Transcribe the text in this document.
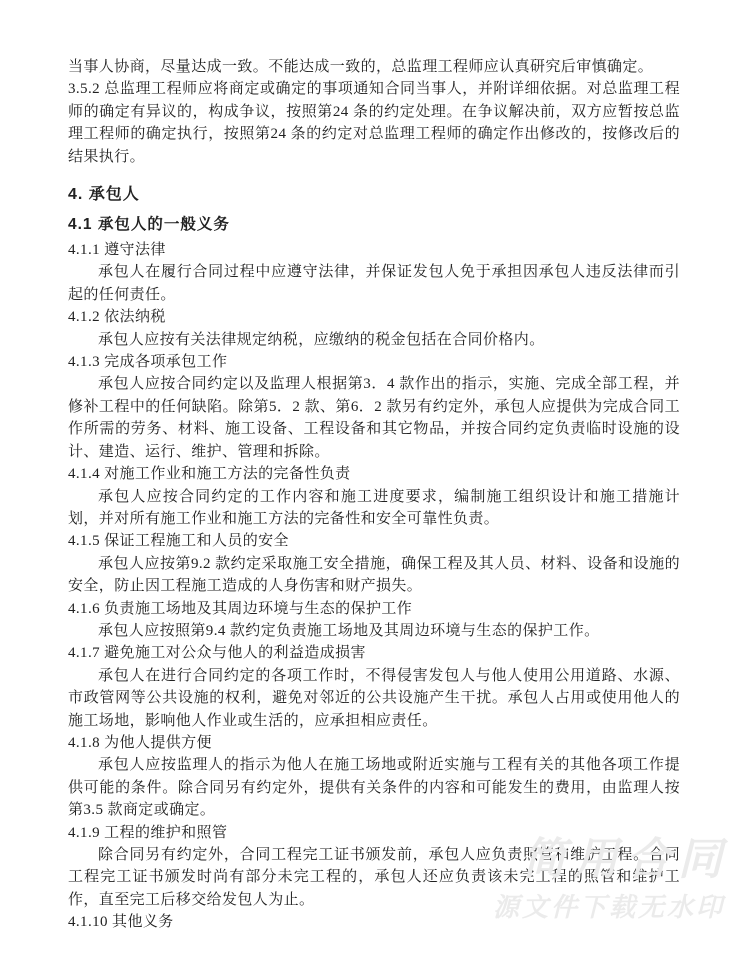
当事人协商，尽量达成一致。不能达成一致的，总监理工程师应认真研究后审慎确定。

3.5.2 总监理工程师应将商定或确定的事项通知合同当事人，并附详细依据。对总监理工程师的确定有异议的，构成争议，按照第24 条的约定处理。在争议解决前，双方应暂按总监理工程师的确定执行，按照第24 条的约定对总监理工程师的确定作出修改的，按修改后的结果执行。

4. 承包人
4.1 承包人的一般义务

4.1.1 遵守法律

承包人在履行合同过程中应遵守法律，并保证发包人免于承担因承包人违反法律而引起的任何责任。

4.1.2 依法纳税

承包人应按有关法律规定纳税，应缴纳的税金包括在合同价格内。

4.1.3 完成各项承包工作

承包人应按合同约定以及监理人根据第3．4 款作出的指示，实施、完成全部工程，并修补工程中的任何缺陷。除第5．2 款、第6．2 款另有约定外，承包人应提供为完成合同工作所需的劳务、材料、施工设备、工程设备和其它物品，并按合同约定负责临时设施的设计、建造、运行、维护、管理和拆除。

4.1.4 对施工作业和施工方法的完备性负责

承包人应按合同约定的工作内容和施工进度要求，编制施工组织设计和施工措施计划，并对所有施工作业和施工方法的完备性和安全可靠性负责。

4.1.5 保证工程施工和人员的安全

承包人应按第9.2 款约定采取施工安全措施，确保工程及其人员、材料、设备和设施的安全，防止因工程施工造成的人身伤害和财产损失。

4.1.6 负责施工场地及其周边环境与生态的保护工作

承包人应按照第9.4 款约定负责施工场地及其周边环境与生态的保护工作。

4.1.7 避免施工对公众与他人的利益造成损害

承包人在进行合同约定的各项工作时，不得侵害发包人与他人使用公用道路、水源、市政管网等公共设施的权利，避免对邻近的公共设施产生干扰。承包人占用或使用他人的施工场地，影响他人作业或生活的，应承担相应责任。

4.1.8 为他人提供方便

承包人应按监理人的指示为他人在施工场地或附近实施与工程有关的其他各项工作提供可能的条件。除合同另有约定外，提供有关条件的内容和可能发生的费用，由监理人按第3.5 款商定或确定。

4.1.9 工程的维护和照管

除合同另有约定外，合同工程完工证书颁发前，承包人应负责照管和维护工程。合同工程完工证书颁发时尚有部分未完工程的，承包人还应负责该未完工程的照管和维护工作，直至完工后移交给发包人为止。

4.1.10 其他义务

简用合同
源文件下载无水印
